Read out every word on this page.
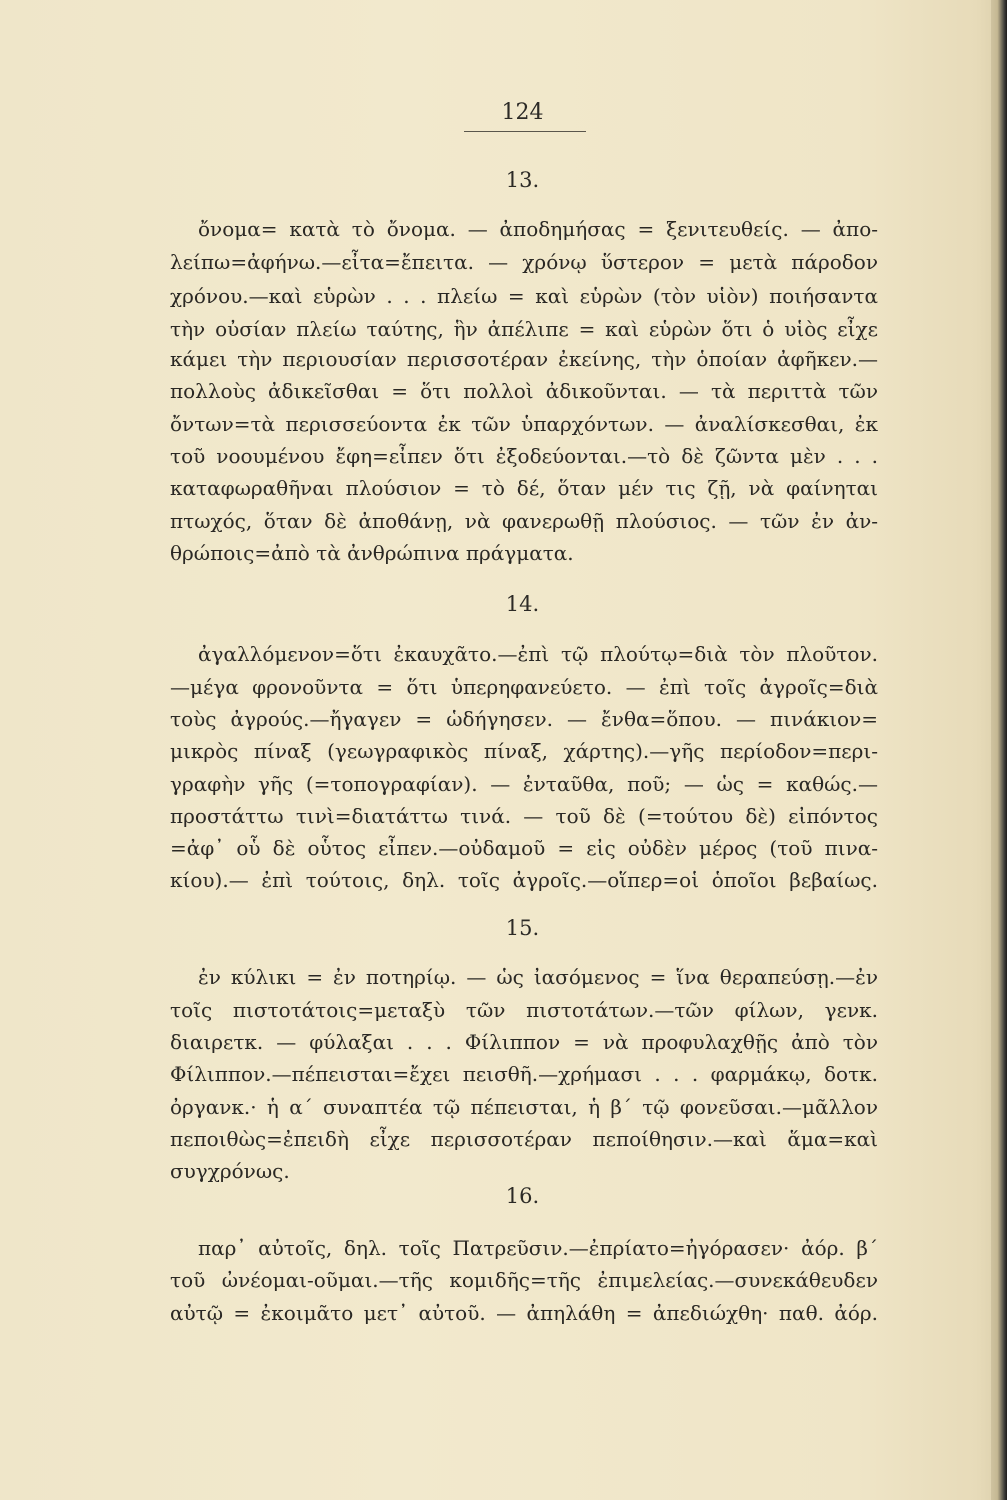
124
13.
ὄνομα= κατὰ τὸ ὄνομα. — ἀποδημήσας = ξενιτευθείς. — ἀπο-
λείπω=ἀφήνω.—εἶτα=ἔπειτα. — χρόνῳ ὕστερον = μετὰ πάροδον
χρόνου.—καὶ εὑρὼν . . . πλείω = καὶ εὑρὼν (τὸν υἱὸν) ποιήσαντα
τὴν οὐσίαν πλείω ταύτης, ἣν ἀπέλιπε = καὶ εὑρὼν ὅτι ὁ υἱὸς εἶχε
κάμει τὴν περιουσίαν περισσοτέραν ἐκείνης, τὴν ὁποίαν ἀφῆκεν.—
πολλοὺς ἀδικεῖσθαι = ὅτι πολλοὶ ἀδικοῦνται. — τὰ περιττὰ τῶν
ὄντων=τὰ περισσεύοντα ἐκ τῶν ὑπαρχόντων. — ἀναλίσκεσθαι, ἐκ
τοῦ νοουμένου ἔφη=εἶπεν ὅτι ἐξοδεύονται.—τὸ δὲ ζῶντα μὲν . . .
καταφωραθῆναι πλούσιον = τὸ δέ, ὅταν μέν τις ζῇ, νὰ φαίνηται
πτωχός, ὅταν δὲ ἀποθάνῃ, νὰ φανερωθῇ πλούσιος. — τῶν ἐν ἀν-
θρώποις=ἀπὸ τὰ ἀνθρώπινα πράγματα.
14.
ἀγαλλόμενον=ὅτι ἐκαυχᾶτο.—ἐπὶ τῷ πλούτῳ=διὰ τὸν πλοῦτον.
—μέγα φρονοῦντα = ὅτι ὑπερηφανεύετο. — ἐπὶ τοῖς ἀγροῖς=διὰ
τοὺς ἀγρούς.—ἤγαγεν = ὡδήγησεν. — ἔνθα=ὅπου. — πινάκιον=
μικρὸς πίναξ (γεωγραφικὸς πίναξ, χάρτης).—γῆς περίοδον=περι-
γραφὴν γῆς (=τοπογραφίαν). — ἐνταῦθα, ποῦ; — ὡς = καθώς.—
προστάττω τινὶ=διατάττω τινά. — τοῦ δὲ (=τούτου δὲ) εἰπόντος
=ἀφ᾿ οὗ δὲ οὗτος εἶπεν.—οὐδαμοῦ = εἰς οὐδὲν μέρος (τοῦ πινα-
κίου).— ἐπὶ τούτοις, δηλ. τοῖς ἀγροῖς.—οἵπερ=οἱ ὁποῖοι βεβαίως.
15.
ἐν κύλικι = ἐν ποτηρίῳ. — ὡς ἰασόμενος = ἵνα θεραπεύσῃ.—ἐν
τοῖς πιστοτάτοις=μεταξὺ τῶν πιστοτάτων.—τῶν φίλων, γενκ.
διαιρετκ. — φύλαξαι . . . Φίλιππον = νὰ προφυλαχθῇς ἀπὸ τὸν
Φίλιππον.—πέπεισται=ἔχει πεισθῆ.—χρήμασι . . . φαρμάκῳ, δοτκ.
ὀργανκ.· ἡ α΄ συναπτέα τῷ πέπεισται, ἡ β΄ τῷ φονεῦσαι.—μᾶλλον
πεποιθὼς=ἐπειδὴ εἶχε περισσοτέραν πεποίθησιν.—καὶ ἅμα=καὶ
συγχρόνως.
16.
παρ᾿ αὐτοῖς, δηλ. τοῖς Πατρεῦσιν.—ἐπρίατο=ἠγόρασεν· ἀόρ. β΄
τοῦ ὠνέομαι-οῦμαι.—τῆς κομιδῆς=τῆς ἐπιμελείας.—συνεκάθευδεν
αὐτῷ = ἐκοιμᾶτο μετ᾿ αὐτοῦ. — ἀπηλάθη = ἀπεδιώχθη· παθ. ἀόρ.
